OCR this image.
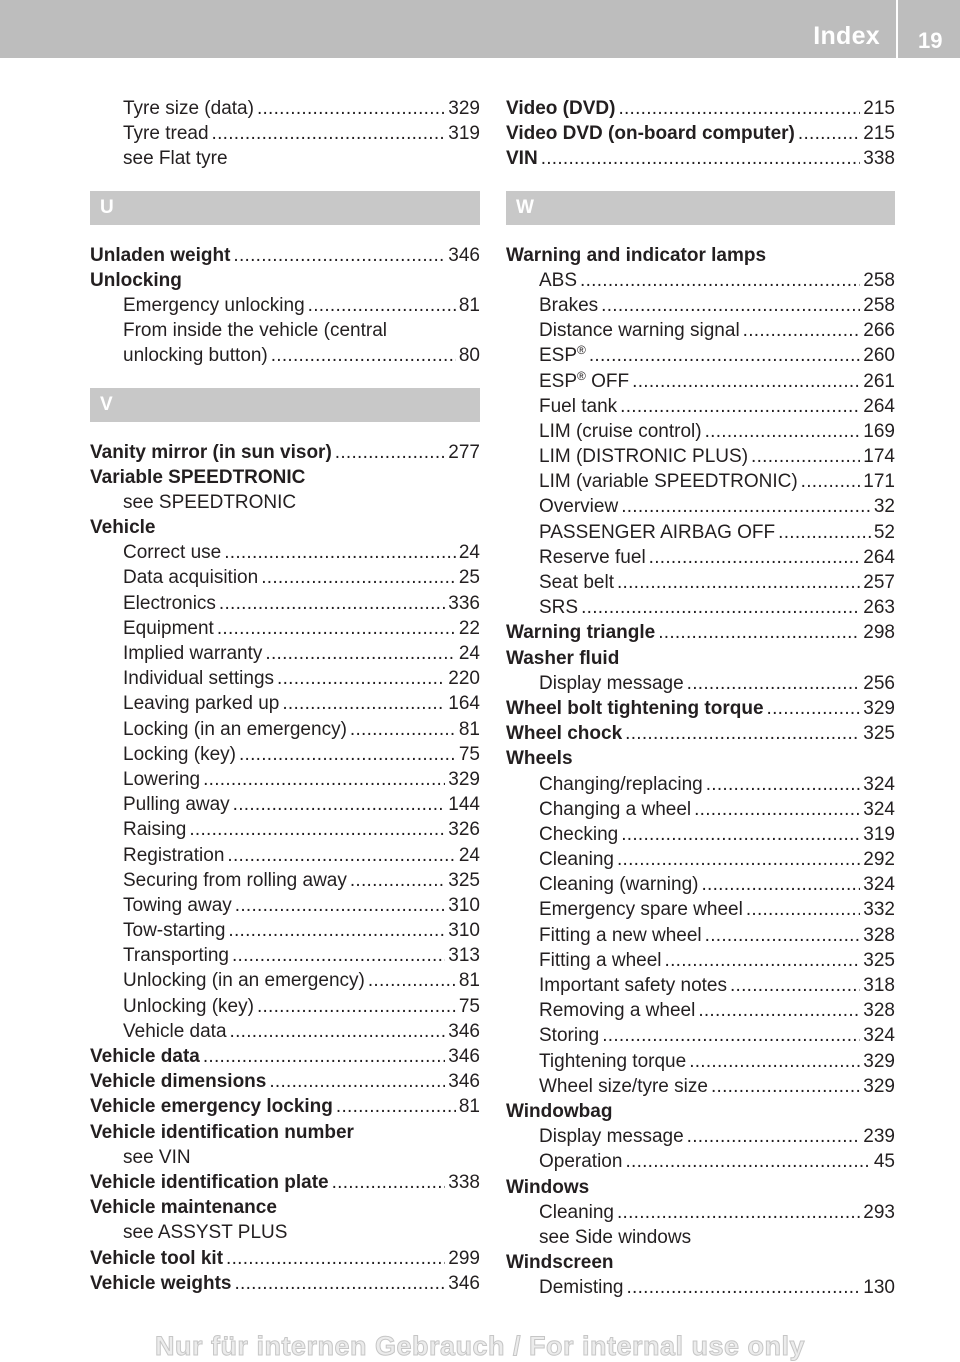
Index 19
Tyre size (data) . . .	329
Tyre tread . . .	319
see Flat tyre
U
Unladen weight . . .	346
Unlocking
Emergency unlocking . . .	81
From inside the vehicle (central
unlocking button) . . .	80
V
Vanity mirror (in sun visor) . . .	277
Variable SPEEDTRONIC
see SPEEDTRONIC
Vehicle
Correct use . . .	24
Data acquisition . . .	25
Electronics . . .	336
Equipment . . .	22
Implied warranty . . .	24
Individual settings . . .	220
Leaving parked up . . .	164
Locking (in an emergency) . . .	81
Locking (key) . . .	75
Lowering . . .	329
Pulling away . . .	144
Raising . . .	326
Registration . . .	24
Securing from rolling away . . .	325
Towing away . . .	310
Tow-starting . . .	310
Transporting . . .	313
Unlocking (in an emergency) . . .	81
Unlocking (key) . . .	75
Vehicle data . . .	346
Vehicle data . . .	346
Vehicle dimensions . . .	346
Vehicle emergency locking . . .	81
Vehicle identification number
see VIN
Vehicle identification plate . . .	338
Vehicle maintenance
see ASSYST PLUS
Vehicle tool kit . . .	299
Vehicle weights . . .	346
Video (DVD) . . .	215
Video DVD (on-board computer) . . .	215
VIN . . .	338
W
Warning and indicator lamps
ABS . . .	258
Brakes . . .	258
Distance warning signal . . .	266
ESP® . . .	260
ESP® OFF . . .	261
Fuel tank . . .	264
LIM (cruise control) . . .	169
LIM (DISTRONIC PLUS) . . .	174
LIM (variable SPEEDTRONIC) . . .	171
Overview . . .	32
PASSENGER AIRBAG OFF . . .	52
Reserve fuel . . .	264
Seat belt . . .	257
SRS . . .	263
Warning triangle . . .	298
Washer fluid
Display message . . .	256
Wheel bolt tightening torque . . .	329
Wheel chock . . .	325
Wheels
Changing/replacing . . .	324
Changing a wheel . . .	324
Checking . . .	319
Cleaning . . .	292
Cleaning (warning) . . .	324
Emergency spare wheel . . .	332
Fitting a new wheel . . .	328
Fitting a wheel . . .	325
Important safety notes . . .	318
Removing a wheel . . .	328
Storing . . .	324
Tightening torque . . .	329
Wheel size/tyre size . . .	329
Windowbag
Display message . . .	239
Operation . . .	45
Windows
Cleaning . . .	293
see Side windows
Windscreen
Demisting . . .	130
Nur für internen Gebrauch / For internal use only
